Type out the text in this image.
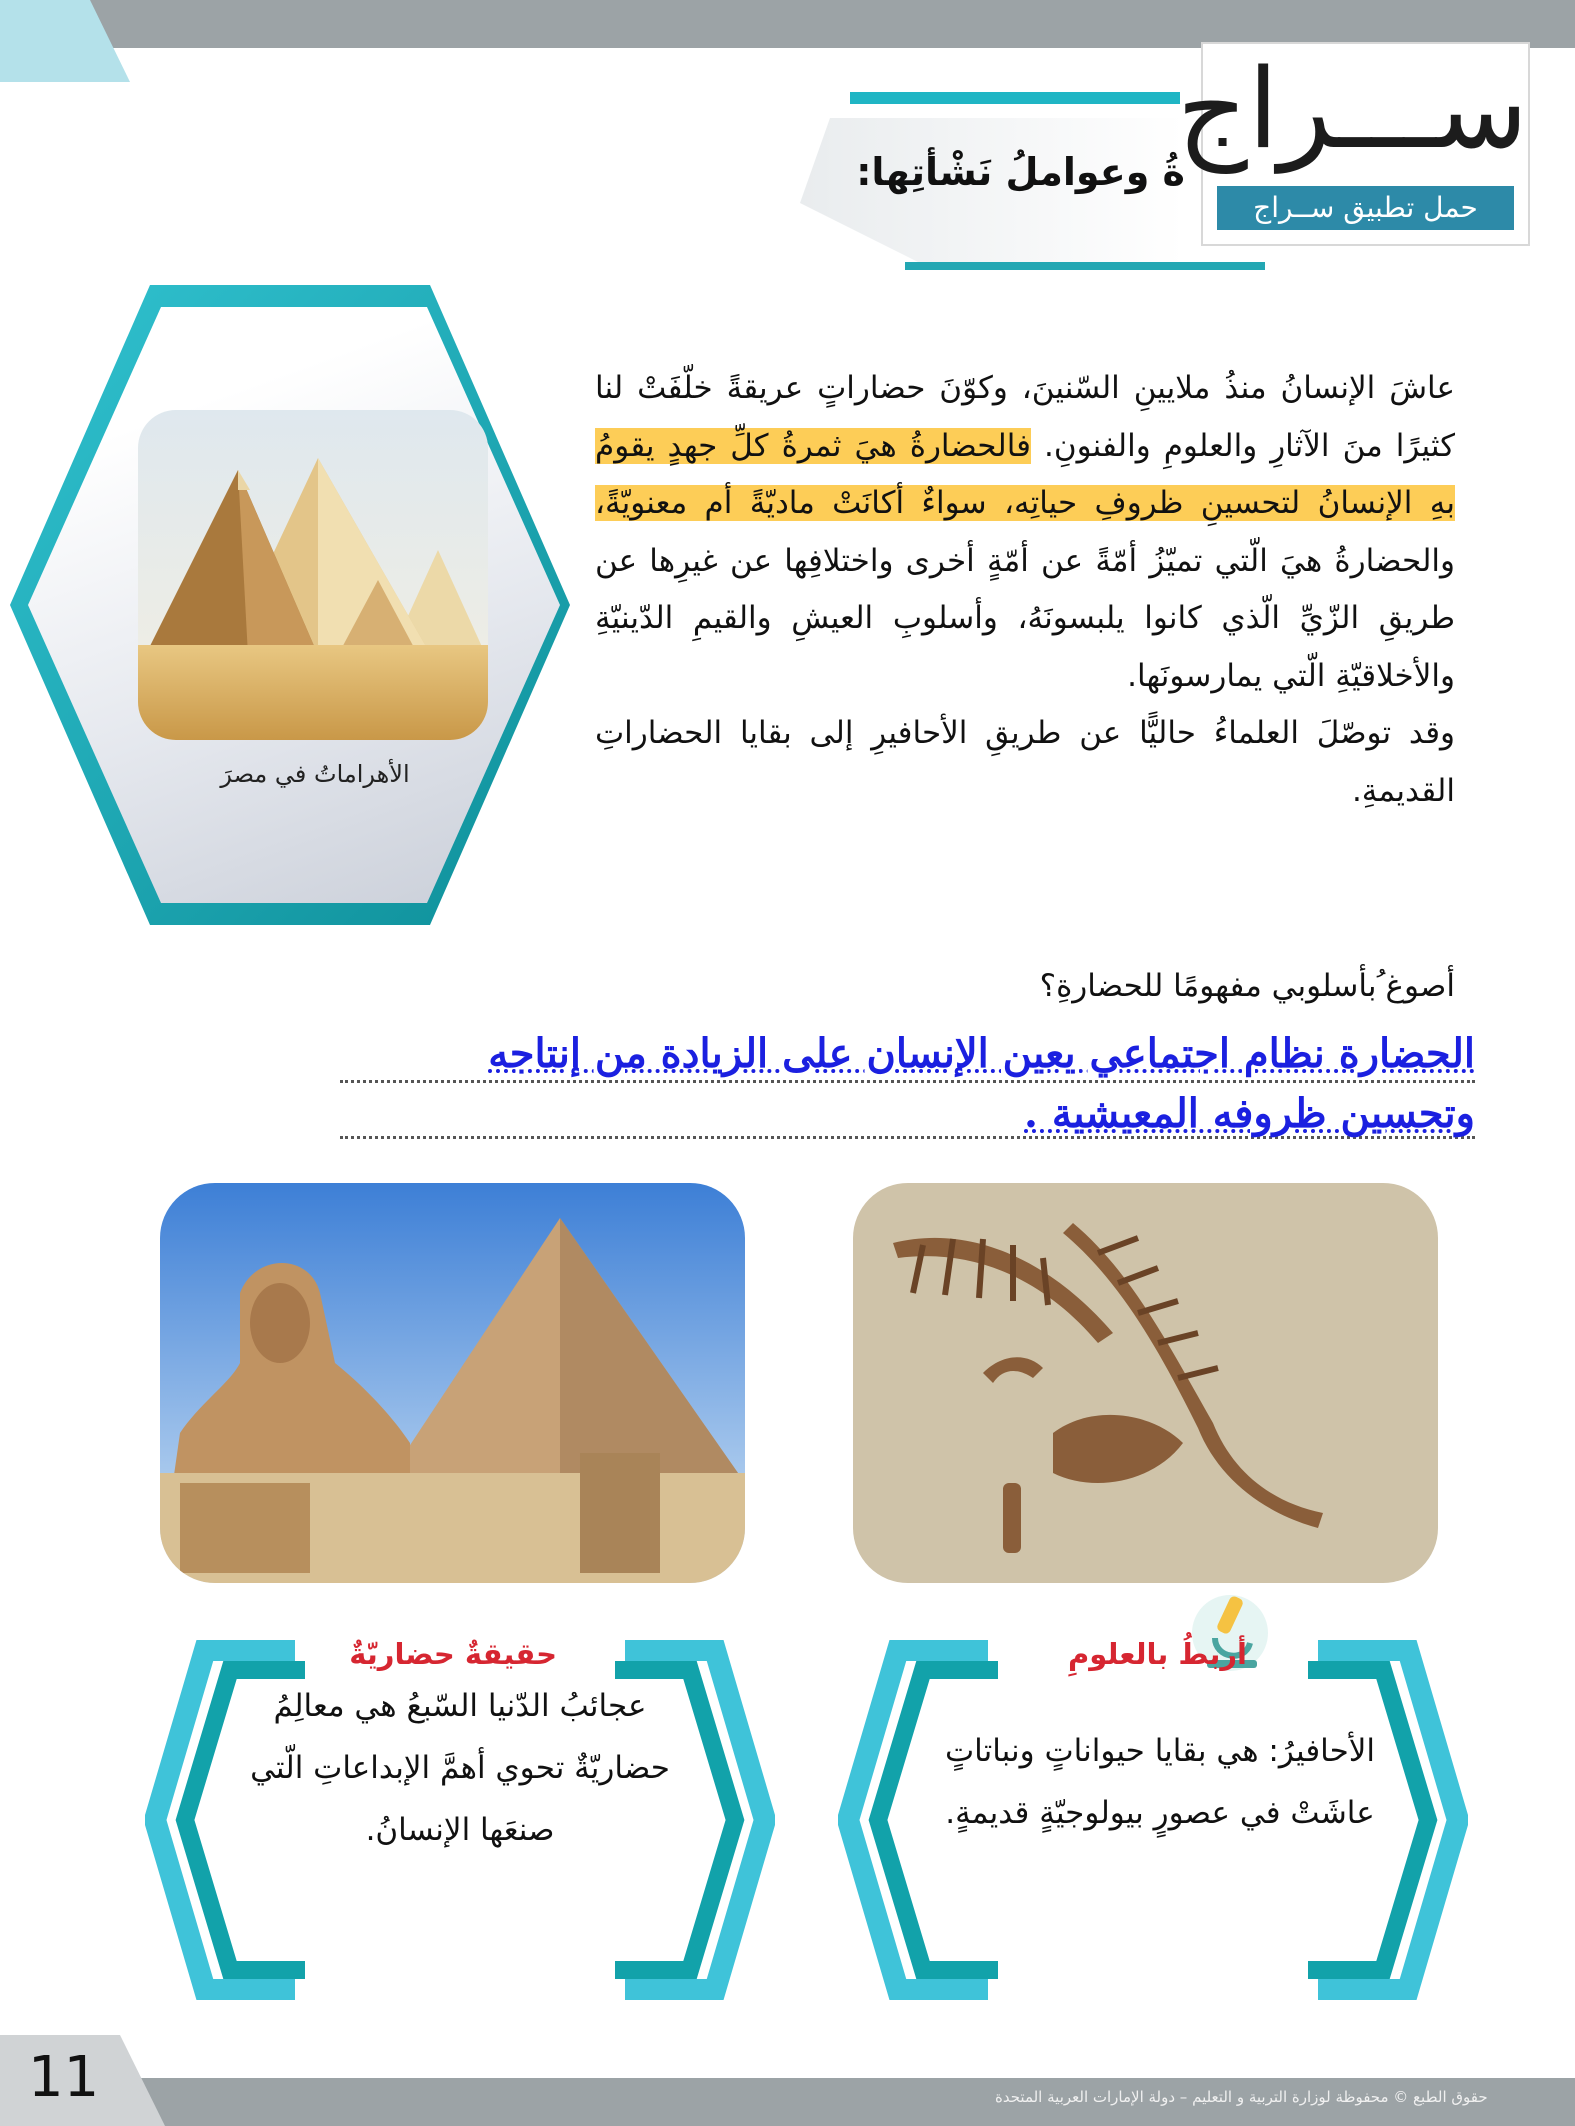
ةُ وعواملُ نَشْأتِها:
ســـراج
حمل تطبيق ســراج
الأهراماتُ في مصرَ
عاشَ الإنسانُ منذُ ملايينِ السّنينَ، وكوّنَ حضاراتٍ عريقةً خلّفَتْ لنا كثيرًا منَ الآثارِ والعلومِ والفنونِ. فالحضارةُ هيَ ثمرةُ كلِّ جهدٍ يقومُ بهِ الإنسانُ لتحسينِ ظروفِ حياتِه، سواءٌ أكانَتْ ماديّةً أم معنويّةً، والحضارةُ هيَ الّتي تميّزُ أمّةً عن أمّةٍ أخرى واختلافِها عن غيرِها عن طريقِ الزّيِّ الّذي كانوا يلبسونَهُ، وأسلوبِ العيشِ والقيمِ الدّينيّةِ والأخلاقيّةِ الّتي يمارسونَها.
وقد توصّلَ العلماءُ حاليًّا عن طريقِ الأحافيرِ إلى بقايا الحضاراتِ القديمةِ.
أصوغ ُبأسلوبي مفهومًا للحضارةِ؟
الحضارة نظام اجتماعي يعين الإنسان على الزيادة من إنتاجه
وتحسين ظروفه المعيشية .
أربطُ بالعلومِ
الأحافيرُ: هي بقايا حيواناتٍ ونباتاتٍ
عاشَتْ في عصورٍ بيولوجيّةٍ قديمةٍ.
حقيقةٌ حضاريّةٌ
عجائبُ الدّنيا السّبعُ هي معالِمُ
حضاريّةٌ تحوي أهمَّ الإبداعاتِ الّتي
صنعَها الإنسانُ.
11	حقوق الطبع © محفوظة لوزارة التربية و التعليم – دولة الإمارات العربية المتحدة
